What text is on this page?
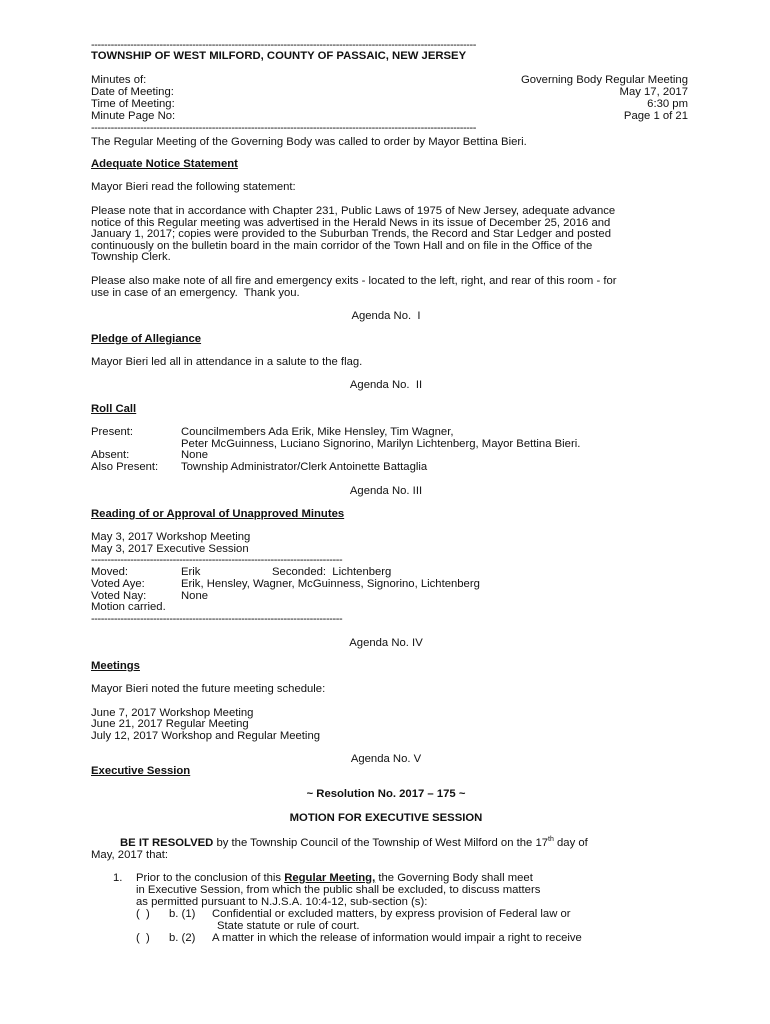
----------------------------------------------------------------------------------------------------------------------
TOWNSHIP OF WEST MILFORD, COUNTY OF PASSAIC, NEW JERSEY
Minutes of:	Governing Body Regular Meeting
Date of Meeting:	May 17, 2017
Time of Meeting:	6:30 pm
Minute Page No:	Page 1 of 21
----------------------------------------------------------------------------------------------------------------------
The Regular Meeting of the Governing Body was called to order by Mayor Bettina Bieri.
Adequate Notice Statement
Mayor Bieri read the following statement:
Please note that in accordance with Chapter 231, Public Laws of 1975 of New Jersey, adequate advance
notice of this Regular meeting was advertised in the Herald News in its issue of December 25, 2016 and
January 1, 2017; copies were provided to the Suburban Trends, the Record and Star Ledger and posted
continuously on the bulletin board in the main corridor of the Town Hall and on file in the Office of the
Township Clerk.
Please also make note of all fire and emergency exits - located to the left, right, and rear of this room - for
use in case of an emergency.  Thank you.
Agenda No.  I
Pledge of Allegiance
Mayor Bieri led all in attendance in a salute to the flag.
Agenda No.  II
Roll Call
Present:	Councilmembers Ada Erik, Mike Hensley, Tim Wagner,
Peter McGuinness, Luciano Signorino, Marilyn Lichtenberg, Mayor Bettina Bieri.
Absent:	None
Also Present: Township Administrator/Clerk Antoinette Battaglia
Agenda No. III
Reading of or Approval of Unapproved Minutes
May 3, 2017 Workshop Meeting
May 3, 2017 Executive Session
-----------------------------------------------------------------------------
Moved:	Erik	Seconded:  Lichtenberg
Voted Aye:	Erik, Hensley, Wagner, McGuinness, Signorino, Lichtenberg
Voted Nay:	None
Motion carried.
-----------------------------------------------------------------------------
Agenda No. IV
Meetings
Mayor Bieri noted the future meeting schedule:
June 7, 2017 Workshop Meeting
June 21, 2017 Regular Meeting
July 12, 2017 Workshop and Regular Meeting
Agenda No. V
Executive Session
~ Resolution No. 2017 – 175 ~
MOTION FOR EXECUTIVE SESSION
BE IT RESOLVED by the Township Council of the Township of West Milford on the 17th day of
May, 2017 that:
1. Prior to the conclusion of this Regular Meeting, the Governing Body shall meet
in Executive Session, from which the public shall be excluded, to discuss matters
as permitted pursuant to N.J.S.A. 10:4-12, sub-section (s):
(  ) b. (1) Confidential or excluded matters, by express provision of Federal law or
State statute or rule of court.
(  ) b. (2) A matter in which the release of information would impair a right to receive
